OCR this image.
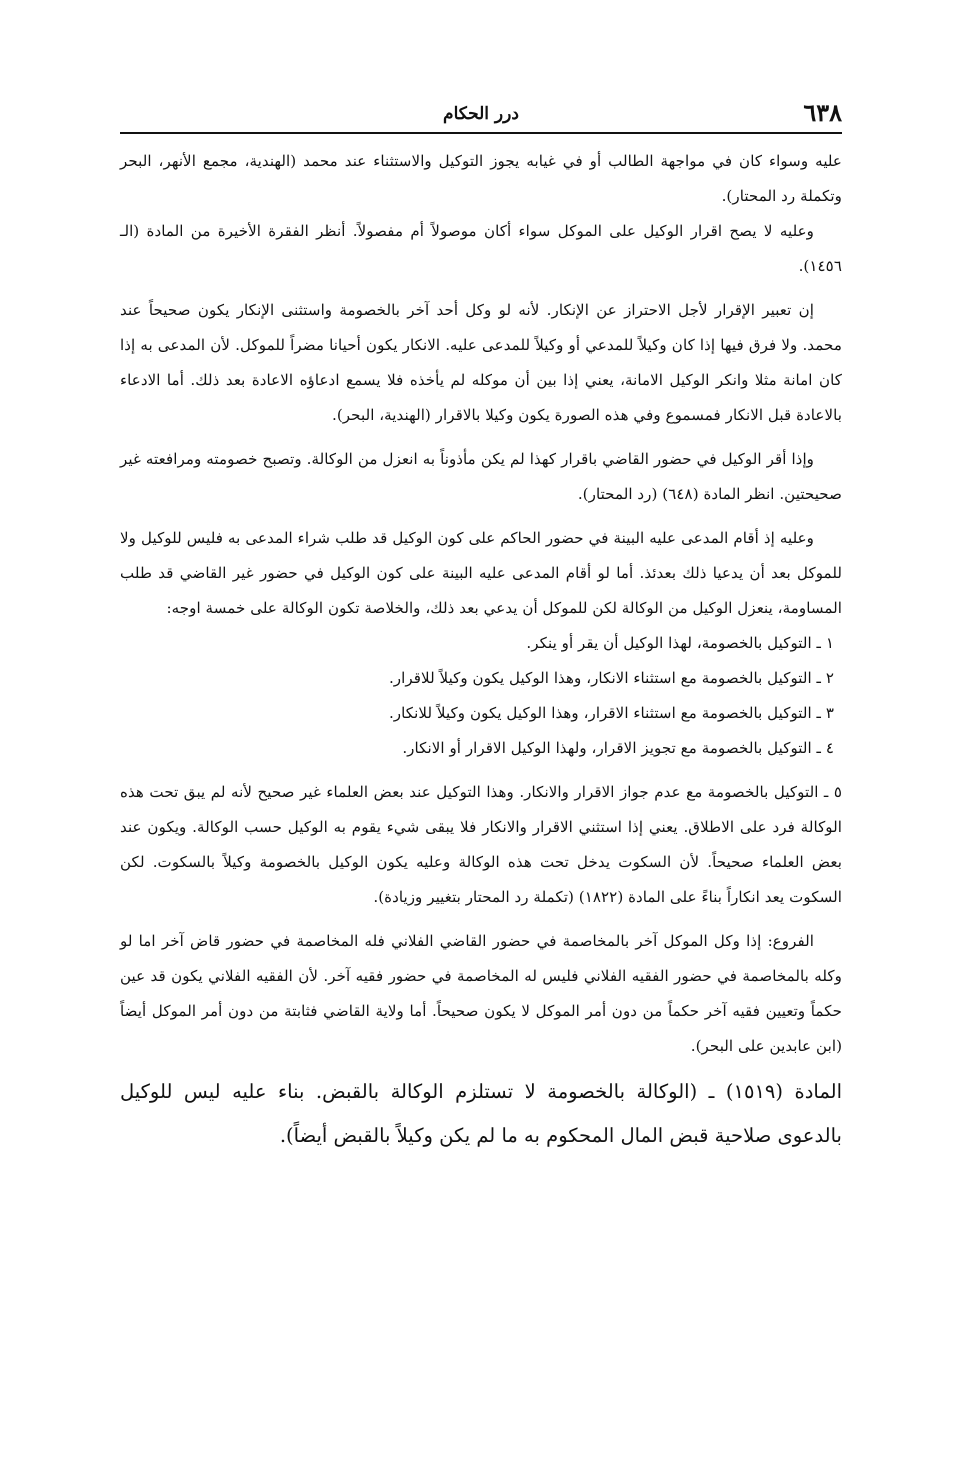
٦٣٨
درر الحكام

عليه وسواء كان في مواجهة الطالب أو في غيابه يجوز التوكيل والاستثناء عند محمد (الهندية، مجمع الأنهر، البحر وتكملة رد المحتار).

وعليه لا يصح اقرار الوكيل على الموكل سواء أكان موصولاً أم مفصولاً. أنظر الفقرة الأخيرة من المادة (الـ ١٤٥٦).

إن تعبير الإقرار لأجل الاحتراز عن الإنكار. لأنه لو وكل أحد آخر بالخصومة واستثنى الإنكار يكون صحيحاً عند محمد. ولا فرق فيها إذا كان وكيلاً للمدعي أو وكيلاً للمدعى عليه. الانكار يكون أحيانا مضراً للموكل. لأن المدعى به إذا كان امانة مثلا وانكر الوكيل الامانة، يعني إذا بين أن موكله لم يأخذه فلا يسمع ادعاؤه الاعادة بعد ذلك. أما الادعاء بالاعادة قبل الانكار فمسموع وفي هذه الصورة يكون وكيلا بالاقرار (الهندية، البحر).

وإذا أقر الوكيل في حضور القاضي باقرار كهذا لم يكن مأذوناً به انعزل من الوكالة. وتصبح خصومته ومرافعته غير صحيحتين. انظر المادة (٦٤٨) (رد المحتار).

وعليه إذ أقام المدعى عليه البينة في حضور الحاكم على كون الوكيل قد طلب شراء المدعى به فليس للوكيل ولا للموكل بعد أن يدعيا ذلك بعدئذ. أما لو أقام المدعى عليه البينة على كون الوكيل في حضور غير القاضي قد طلب المساومة، ينعزل الوكيل من الوكالة لكن للموكل أن يدعي بعد ذلك، والخلاصة تكون الوكالة على خمسة اوجه:

١ ـ التوكيل بالخصومة، لهذا الوكيل أن يقر أو ينكر.

٢ ـ التوكيل بالخصومة مع استثناء الانكار، وهذا الوكيل يكون وكيلاً للاقرار.

٣ ـ التوكيل بالخصومة مع استثناء الاقرار، وهذا الوكيل يكون وكيلاً للانكار.

٤ ـ التوكيل بالخصومة مع تجويز الاقرار، ولهذا الوكيل الاقرار أو الانكار.

٥ ـ التوكيل بالخصومة مع عدم جواز الاقرار والانكار. وهذا التوكيل عند بعض العلماء غير صحيح لأنه لم يبق تحت هذه الوكالة فرد على الاطلاق. يعني إذا استثني الاقرار والانكار فلا يبقى شيء يقوم به الوكيل حسب الوكالة. ويكون عند بعض العلماء صحيحاً. لأن السكوت يدخل تحت هذه الوكالة وعليه يكون الوكيل بالخصومة وكيلاً بالسكوت. لكن السكوت يعد انكاراً بناءً على المادة (١٨٢٢) (تكملة رد المحتار بتغيير وزيادة).

الفروع: إذا وكل الموكل آخر بالمخاصمة في حضور القاضي الفلاني فله المخاصمة في حضور قاض آخر اما لو وكله بالمخاصمة في حضور الفقيه الفلاني فليس له المخاصمة في حضور فقيه آخر. لأن الفقيه الفلاني يكون قد عين حكماً وتعيين فقيه آخر حكماً من دون أمر الموكل لا يكون صحيحاً. أما ولاية القاضي فثابتة من دون أمر الموكل أيضاً (ابن عابدين على البحر).

المادة (١٥١٩) ـ (الوكالة بالخصومة لا تستلزم الوكالة بالقبض. بناء عليه ليس للوكيل بالدعوى صلاحية قبض المال المحكوم به ما لم يكن وكيلاً بالقبض أيضاً).
